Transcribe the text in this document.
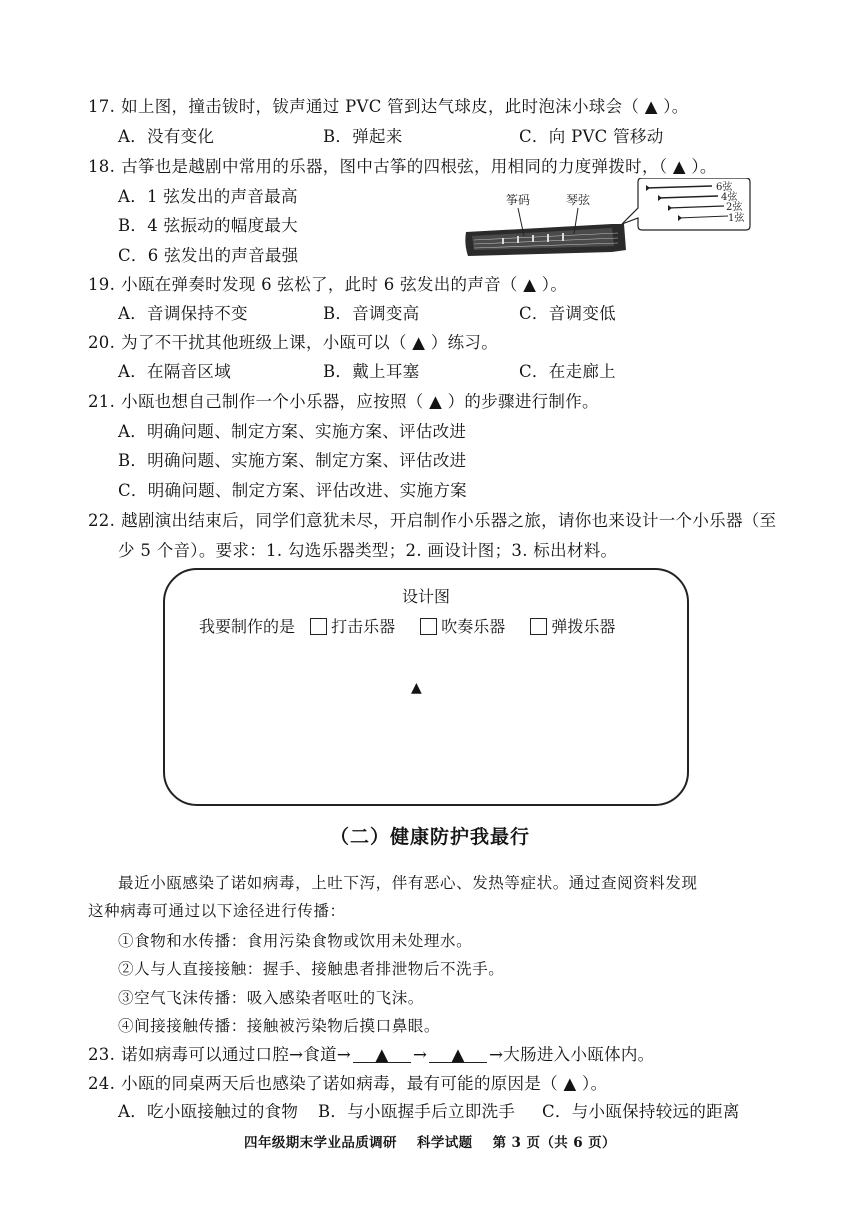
17. 如上图，撞击钹时，钹声通过 PVC 管到达气球皮，此时泡沫小球会（ ▲ ）。
A．没有变化	B．弹起来	C．向 PVC 管移动
18. 古筝也是越剧中常用的乐器，图中古筝的四根弦，用相同的力度弹拨时，（ ▲ ）。
A．1 弦发出的声音最高
B．4 弦振动的幅度最大
C．6 弦发出的声音最强
筝码	琴弦
6弦
4弦
2弦
1弦
19. 小瓯在弹奏时发现 6 弦松了，此时 6 弦发出的声音（ ▲ ）。
A．音调保持不变	B．音调变高	C．音调变低
20. 为了不干扰其他班级上课，小瓯可以（ ▲ ）练习。
A．在隔音区域	B．戴上耳塞	C．在走廊上
21. 小瓯也想自己制作一个小乐器，应按照（ ▲ ）的步骤进行制作。
A．明确问题、制定方案、实施方案、评估改进
B．明确问题、实施方案、制定方案、评估改进
C．明确问题、制定方案、评估改进、实施方案
22. 越剧演出结束后，同学们意犹未尽，开启制作小乐器之旅，请你也来设计一个小乐器（至
少 5 个音）。要求：1. 勾选乐器类型；2. 画设计图；3. 标出材料。
设计图
我要制作的是 打击乐器	吹奏乐器	弹拨乐器
▲
（二）健康防护我最行
最近小瓯感染了诺如病毒，上吐下泻，伴有恶心、发热等症状。通过查阅资料发现
这种病毒可通过以下途径进行传播：
①食物和水传播：食用污染食物或饮用未处理水。
②人与人直接接触：握手、接触患者排泄物后不洗手。
③空气飞沫传播：吸入感染者呕吐的飞沫。
④间接接触传播：接触被污染物后摸口鼻眼。
23. 诺如病毒可以通过口腔→食道→ ▲ → ▲ →大肠进入小瓯体内。
24. 小瓯的同桌两天后也感染了诺如病毒，最有可能的原因是（ ▲ ）。
A．吃小瓯接触过的食物 B．与小瓯握手后立即洗手 C．与小瓯保持较远的距离
四年级期末学业品质调研 科学试题 第 3 页（共 6 页）
